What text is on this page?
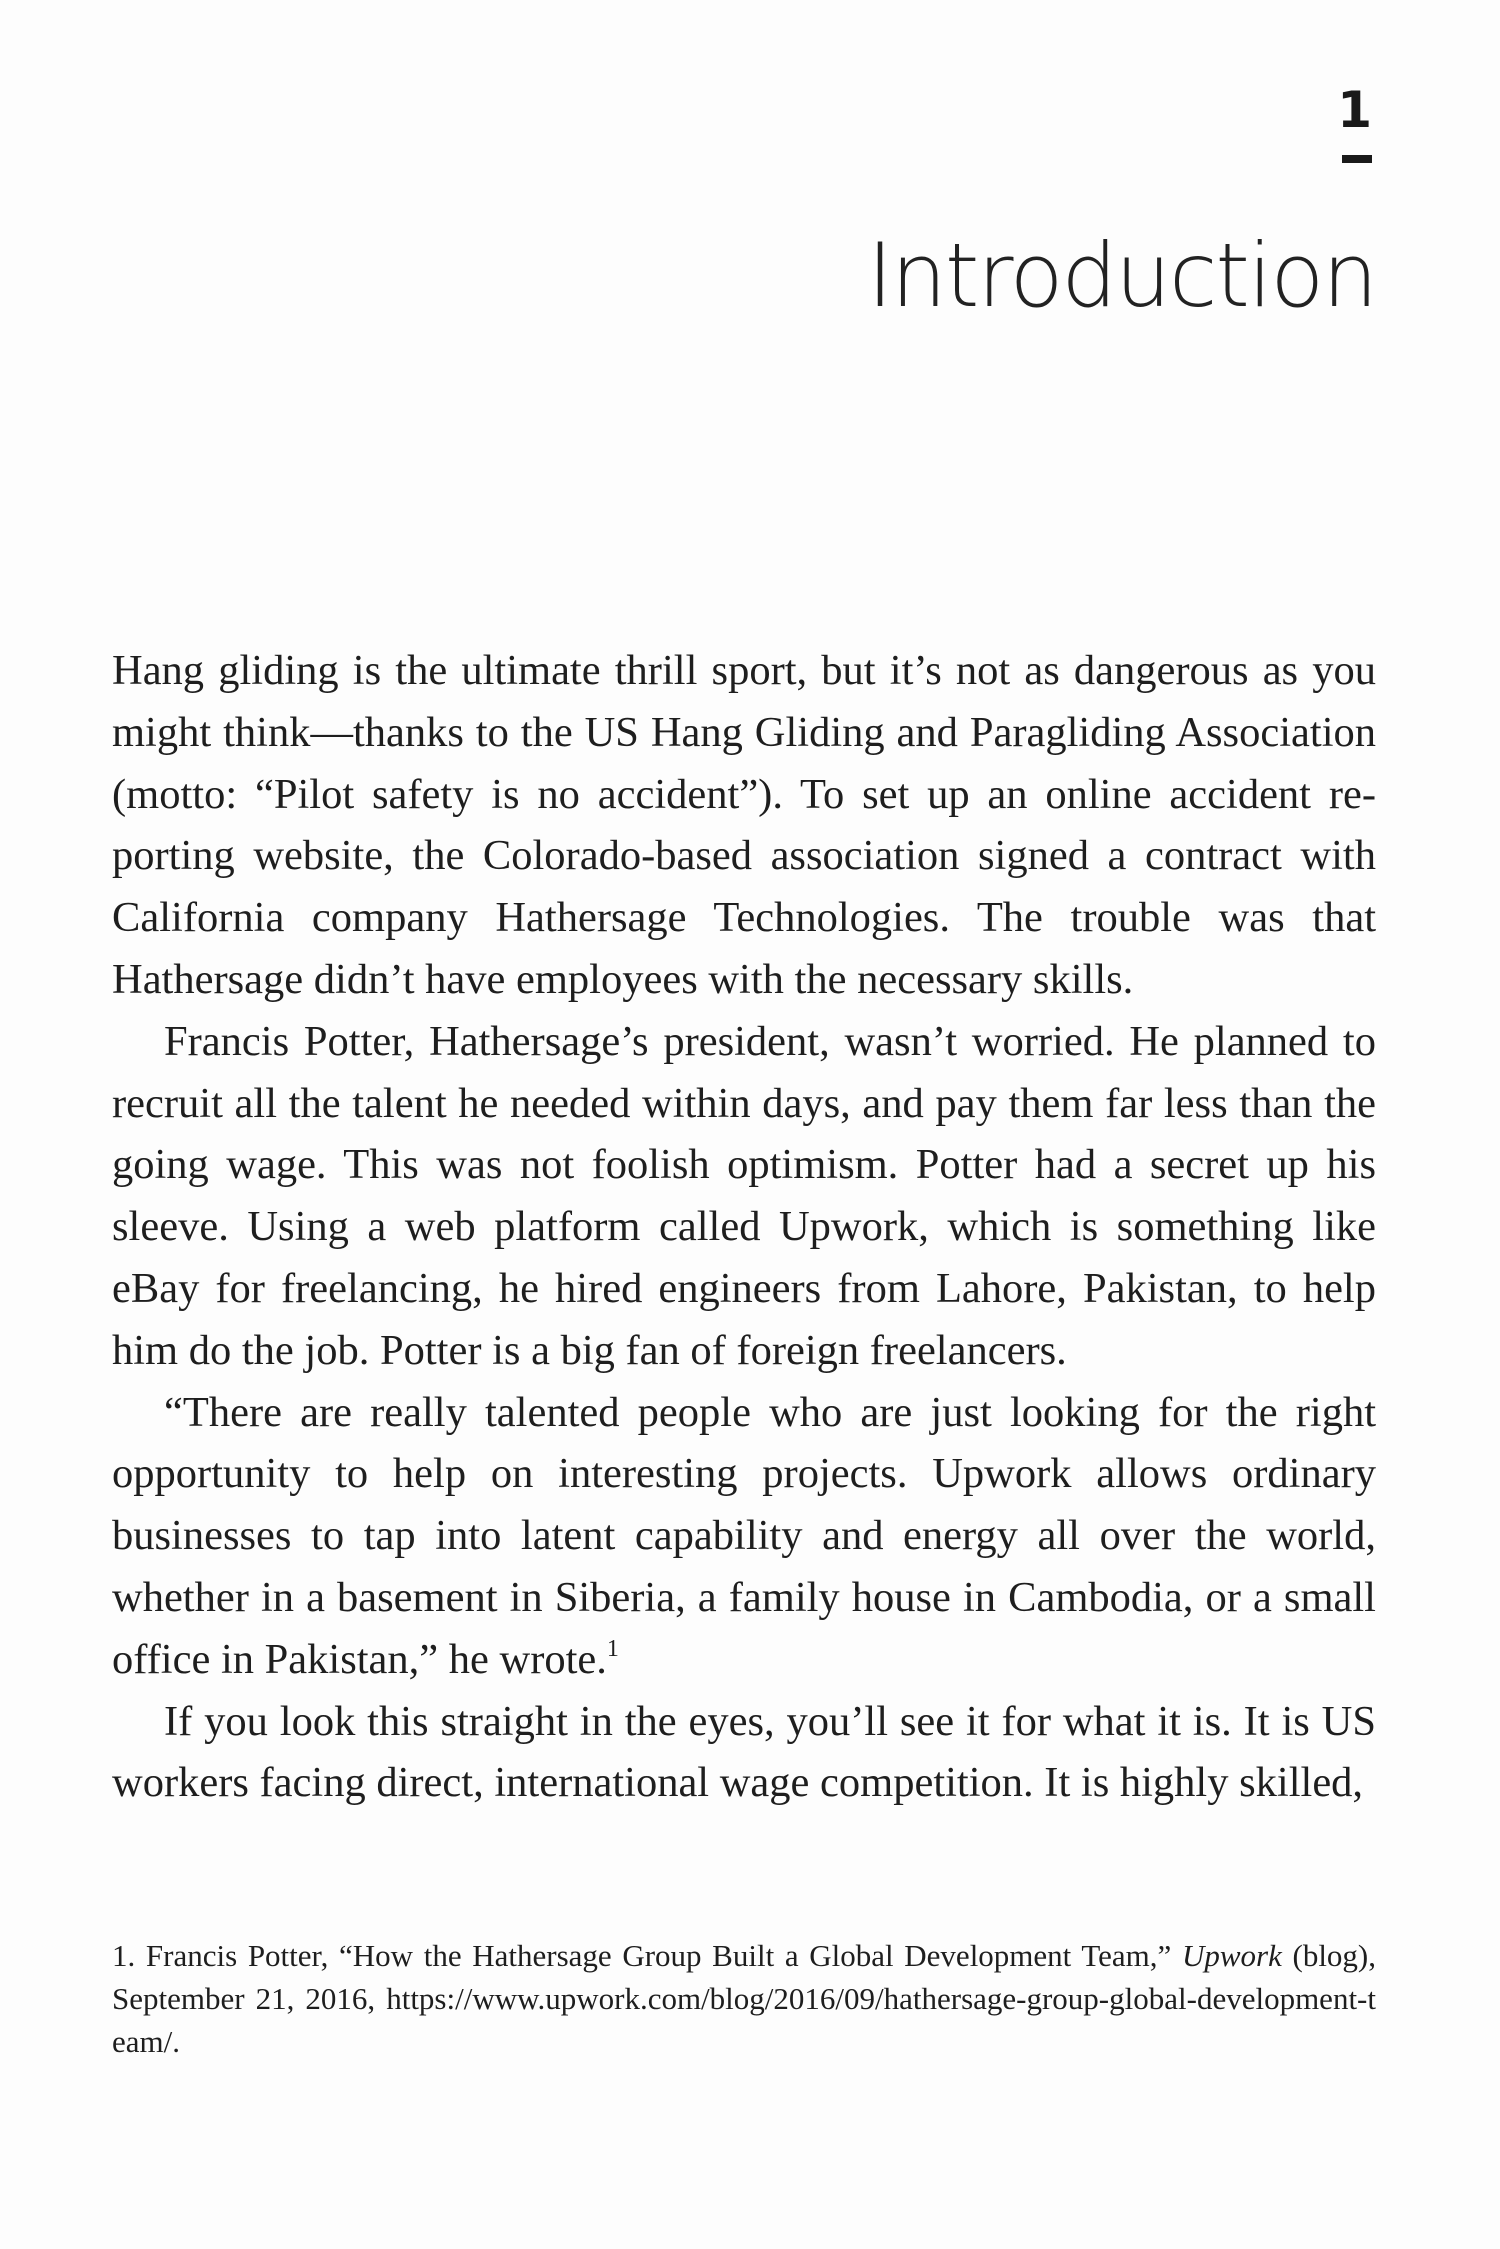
1
Introduction

Hang gliding is the ultimate thrill sport, but it’s not as dangerous as you might think—thanks to the US Hang Gliding and Paragliding Association (motto: “Pilot safety is no accident”). To set up an online accident reporting website, the Colorado-based association signed a contract with California company Hathersage Technologies. The trouble was that Hathersage didn’t have employees with the necessary skills.

Francis Potter, Hathersage’s president, wasn’t worried. He planned to recruit all the talent he needed within days, and pay them far less than the going wage. This was not foolish optimism. Potter had a secret up his sleeve. Using a web platform called Upwork, which is something like eBay for freelancing, he hired engineers from Lahore, Pakistan, to help him do the job. Potter is a big fan of foreign freelancers.

“There are really talented people who are just looking for the right opportunity to help on interesting projects. Upwork allows ordinary businesses to tap into latent capability and energy all over the world, whether in a basement in Siberia, a family house in Cambodia, or a small office in Pakistan,” he wrote.$^1$

If you look this straight in the eyes, you’ll see it for what it is. It is US workers facing direct, international wage competition. It is highly skilled,

1. Francis Potter, “How the Hathersage Group Built a Global Development Team,” Upwork (blog), September 21, 2016, https://www.upwork.com/blog/2016/09/hathersage-group-global-development-team/.
